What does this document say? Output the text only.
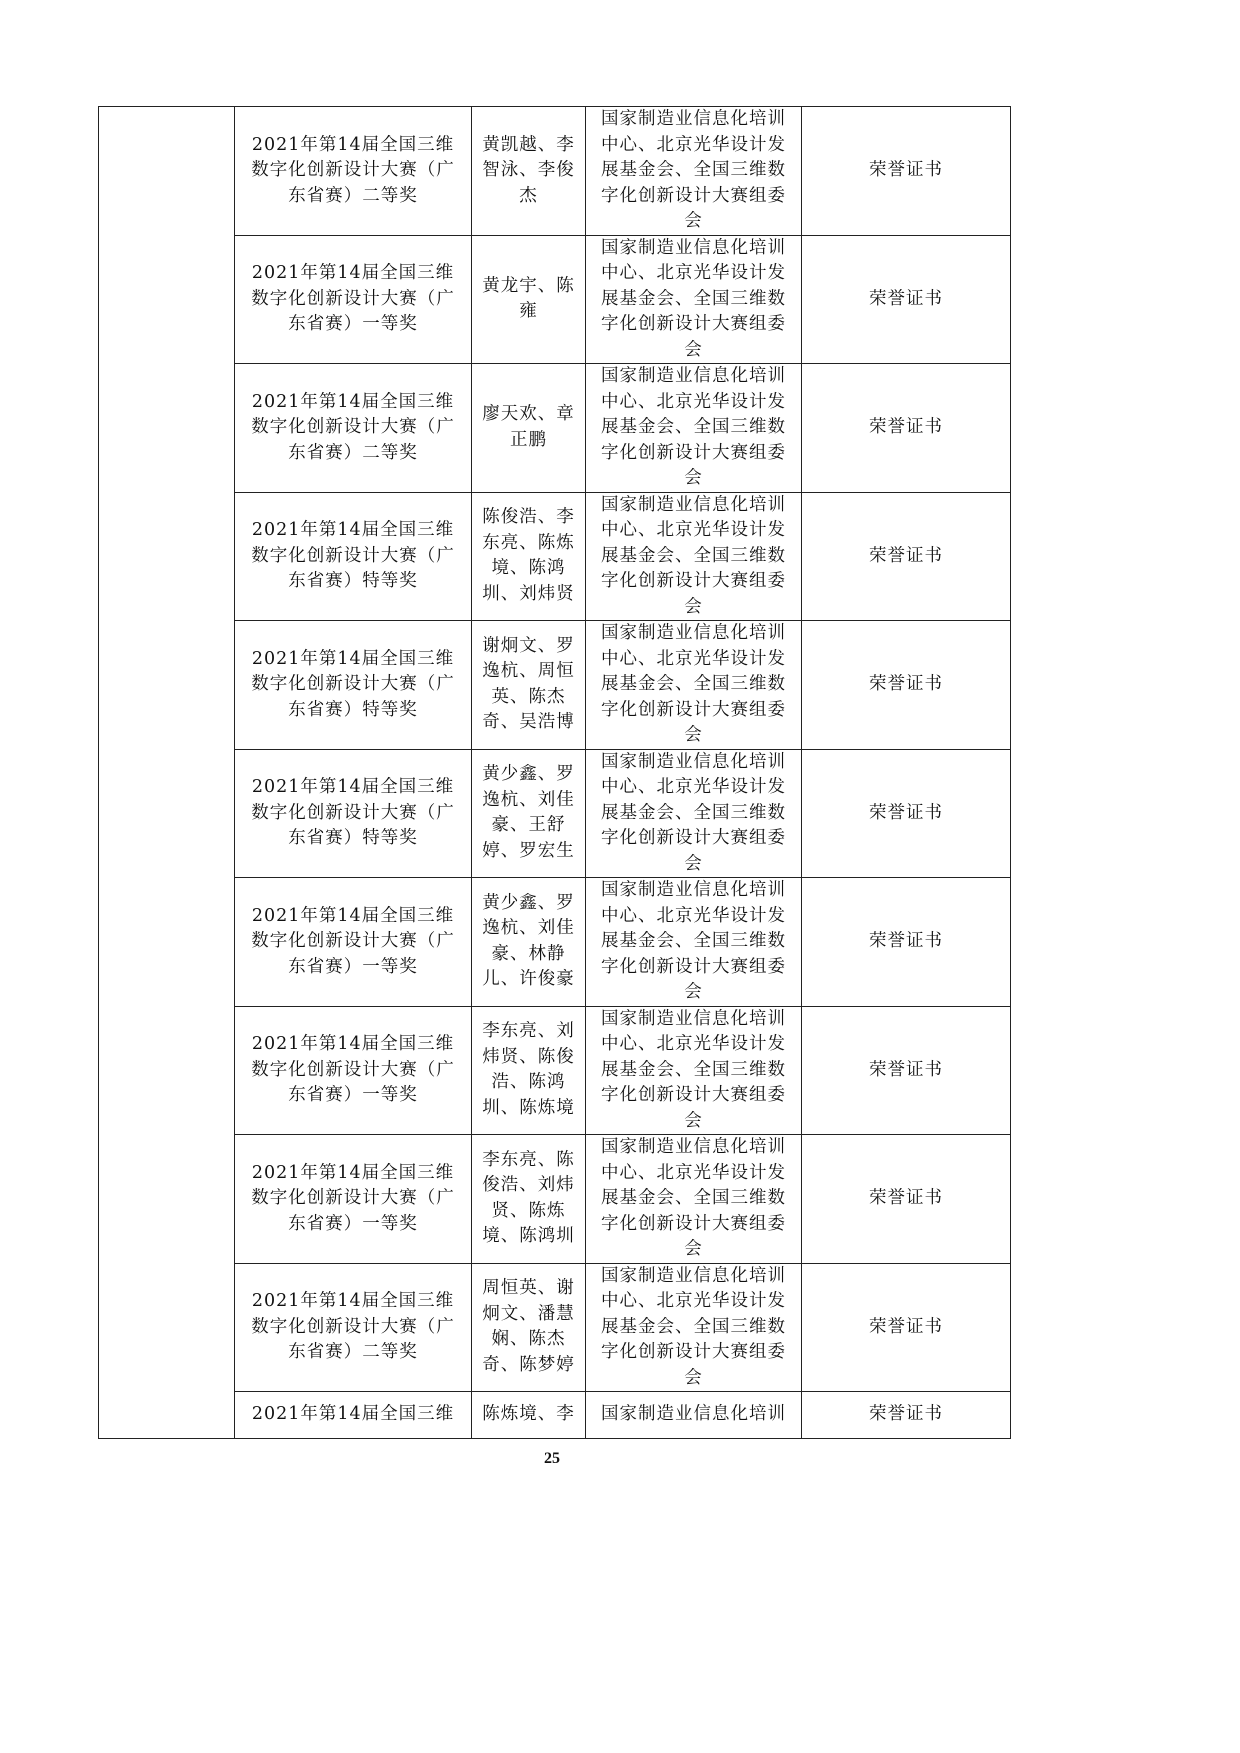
	2021年第14届全国三维数字化创新设计大赛（广东省赛）二等奖	黄凯越、李智泳、李俊杰	国家制造业信息化培训中心、北京光华设计发展基金会、全国三维数字化创新设计大赛组委会	荣誉证书
	2021年第14届全国三维数字化创新设计大赛（广东省赛）一等奖	黄龙宇、陈雍	国家制造业信息化培训中心、北京光华设计发展基金会、全国三维数字化创新设计大赛组委会	荣誉证书
	2021年第14届全国三维数字化创新设计大赛（广东省赛）二等奖	廖天欢、章正鹏	国家制造业信息化培训中心、北京光华设计发展基金会、全国三维数字化创新设计大赛组委会	荣誉证书
	2021年第14届全国三维数字化创新设计大赛（广东省赛）特等奖	陈俊浩、李东亮、陈炼境、陈鸿圳、刘炜贤	国家制造业信息化培训中心、北京光华设计发展基金会、全国三维数字化创新设计大赛组委会	荣誉证书
	2021年第14届全国三维数字化创新设计大赛（广东省赛）特等奖	谢炯文、罗逸杭、周恒英、陈杰奇、吴浩博	国家制造业信息化培训中心、北京光华设计发展基金会、全国三维数字化创新设计大赛组委会	荣誉证书
	2021年第14届全国三维数字化创新设计大赛（广东省赛）特等奖	黄少鑫、罗逸杭、刘佳豪、王舒婷、罗宏生	国家制造业信息化培训中心、北京光华设计发展基金会、全国三维数字化创新设计大赛组委会	荣誉证书
	2021年第14届全国三维数字化创新设计大赛（广东省赛）一等奖	黄少鑫、罗逸杭、刘佳豪、林静儿、许俊豪	国家制造业信息化培训中心、北京光华设计发展基金会、全国三维数字化创新设计大赛组委会	荣誉证书
	2021年第14届全国三维数字化创新设计大赛（广东省赛）一等奖	李东亮、刘炜贤、陈俊浩、陈鸿圳、陈炼境	国家制造业信息化培训中心、北京光华设计发展基金会、全国三维数字化创新设计大赛组委会	荣誉证书
	2021年第14届全国三维数字化创新设计大赛（广东省赛）一等奖	李东亮、陈俊浩、刘炜贤、陈炼境、陈鸿圳	国家制造业信息化培训中心、北京光华设计发展基金会、全国三维数字化创新设计大赛组委会	荣誉证书
	2021年第14届全国三维数字化创新设计大赛（广东省赛）二等奖	周恒英、谢炯文、潘慧娴、陈杰奇、陈梦婷	国家制造业信息化培训中心、北京光华设计发展基金会、全国三维数字化创新设计大赛组委会	荣誉证书
	2021年第14届全国三维	陈炼境、李	国家制造业信息化培训	荣誉证书
25
